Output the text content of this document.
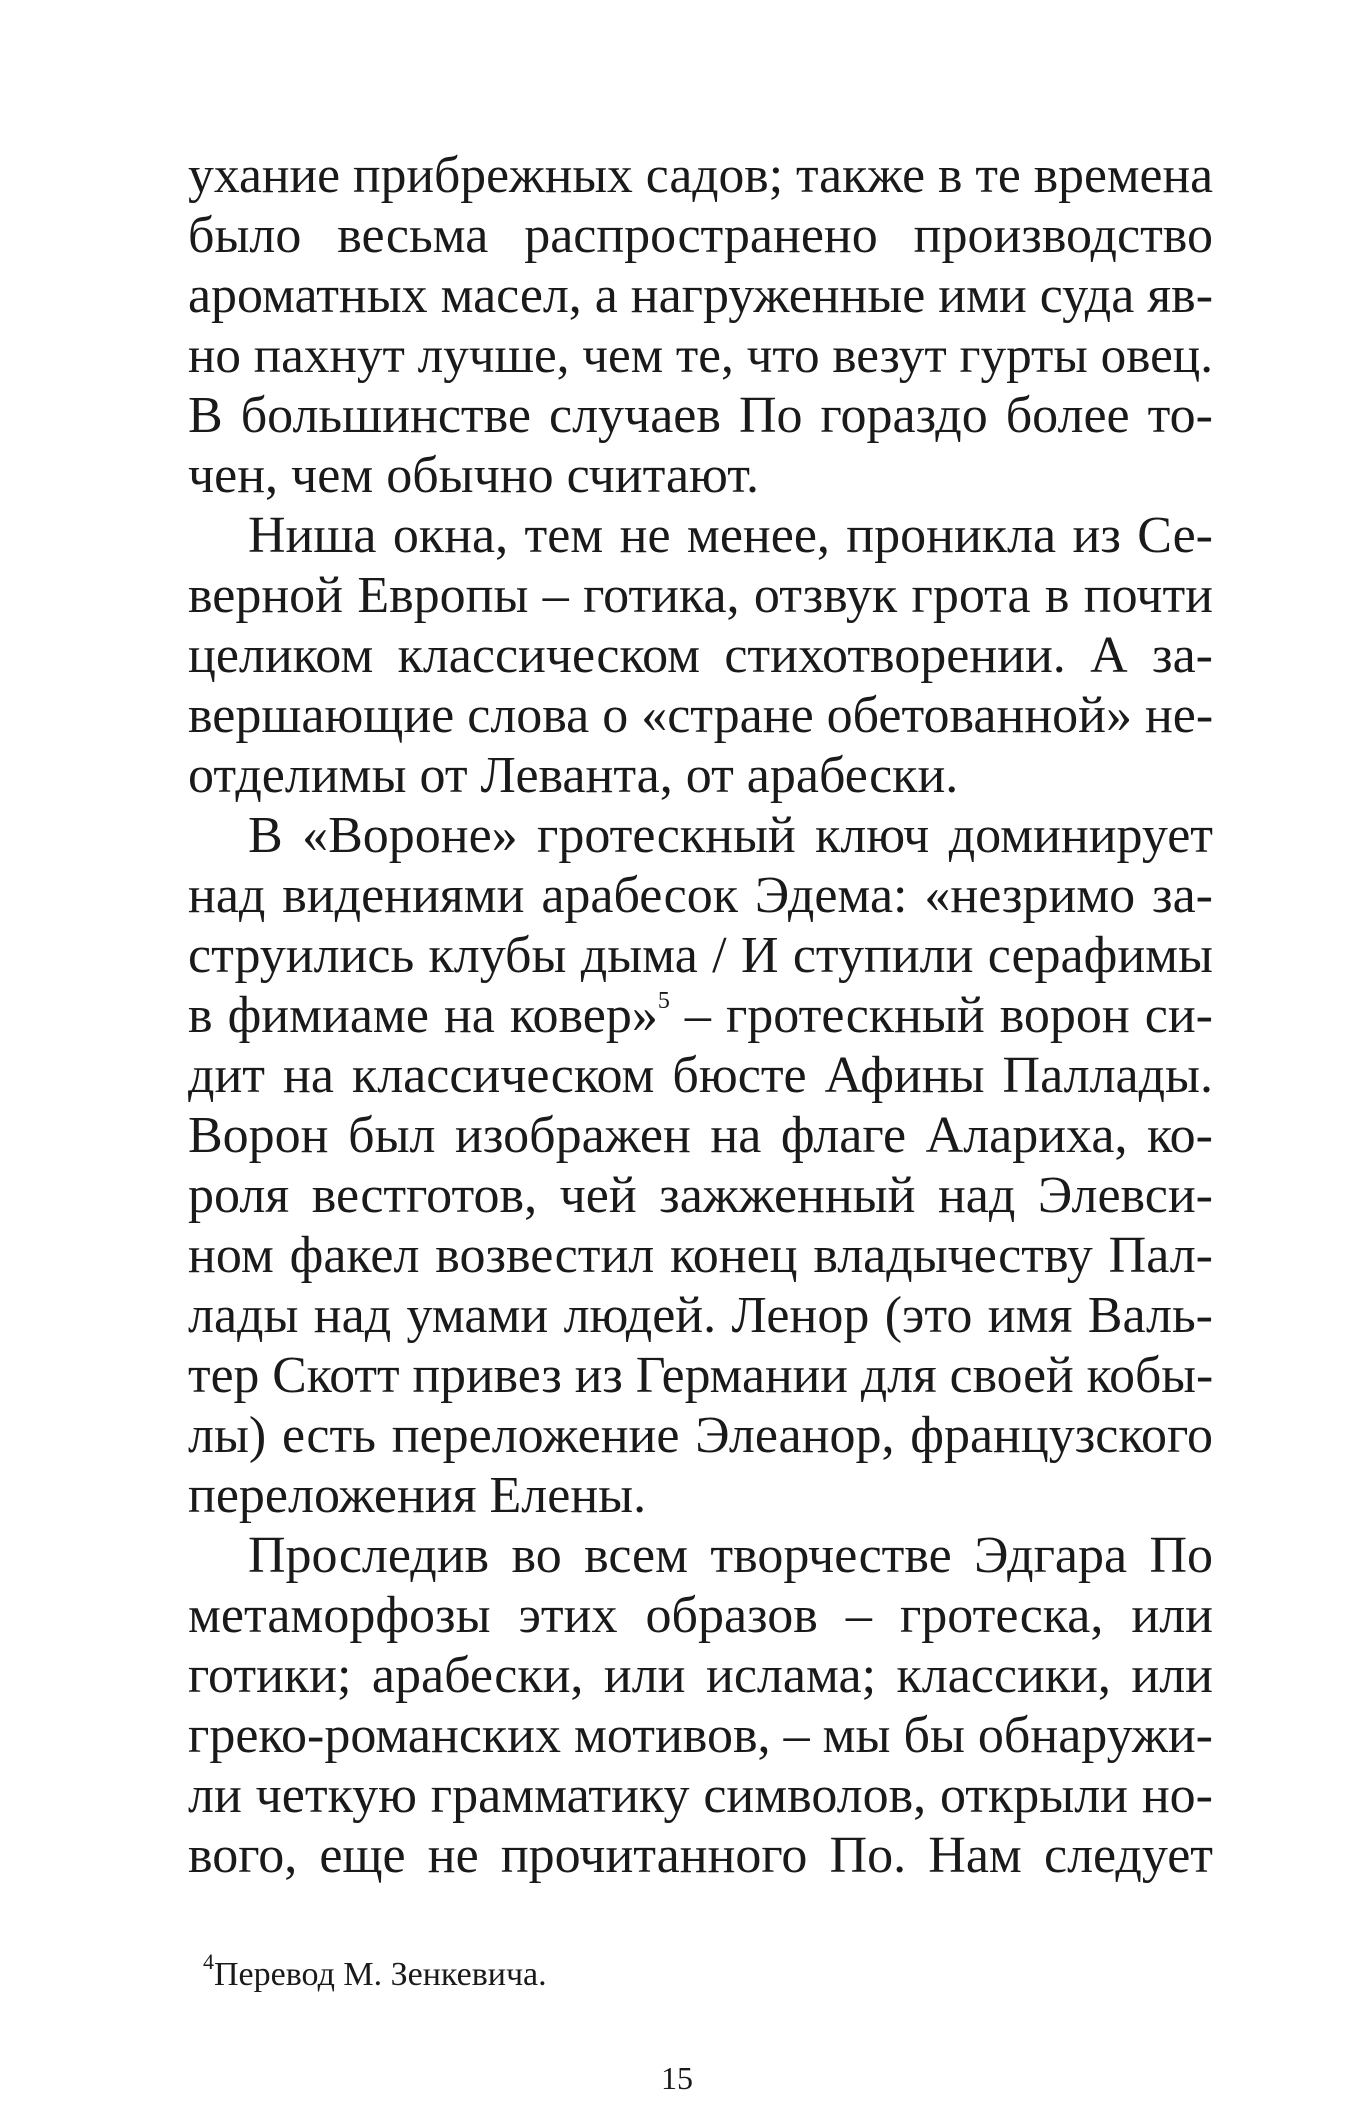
ухание прибрежных садов; также в те времена
было весьма распространено производство
ароматных масел, а нагруженные ими суда яв-
но пахнут лучше, чем те, что везут гурты овец.
В большинстве случаев По гораздо более то-
чен, чем обычно считают.
Ниша окна, тем не менее, проникла из Се-
верной Европы – готика, отзвук грота в почти
целиком классическом стихотворении. А за-
вершающие слова о «стране обетованной» не-
отделимы от Леванта, от арабески.
В «Вороне» гротескный ключ доминирует
над видениями арабесок Эдема: «незримо за-
струились клубы дыма / И ступили серафимы
в фимиаме на ковер»$^5$ – гротескный ворон си-
дит на классическом бюсте Афины Паллады.
Ворон был изображен на флаге Алариха, ко-
роля вестготов, чей зажженный над Элевси-
ном факел возвестил конец владычеству Пал-
лады над умами людей. Ленор (это имя Валь-
тер Скотт привез из Германии для своей кобы-
лы) есть переложение Элеанор, французского
переложения Елены.
Проследив во всем творчестве Эдгара По
метаморфозы этих образов – гротеска, или
готики; арабески, или ислама; классики, или
греко-романских мотивов, – мы бы обнаружи-
ли четкую грамматику символов, открыли но-
вого, еще не прочитанного По. Нам следует
$^4$Перевод М. Зенкевича.
15
